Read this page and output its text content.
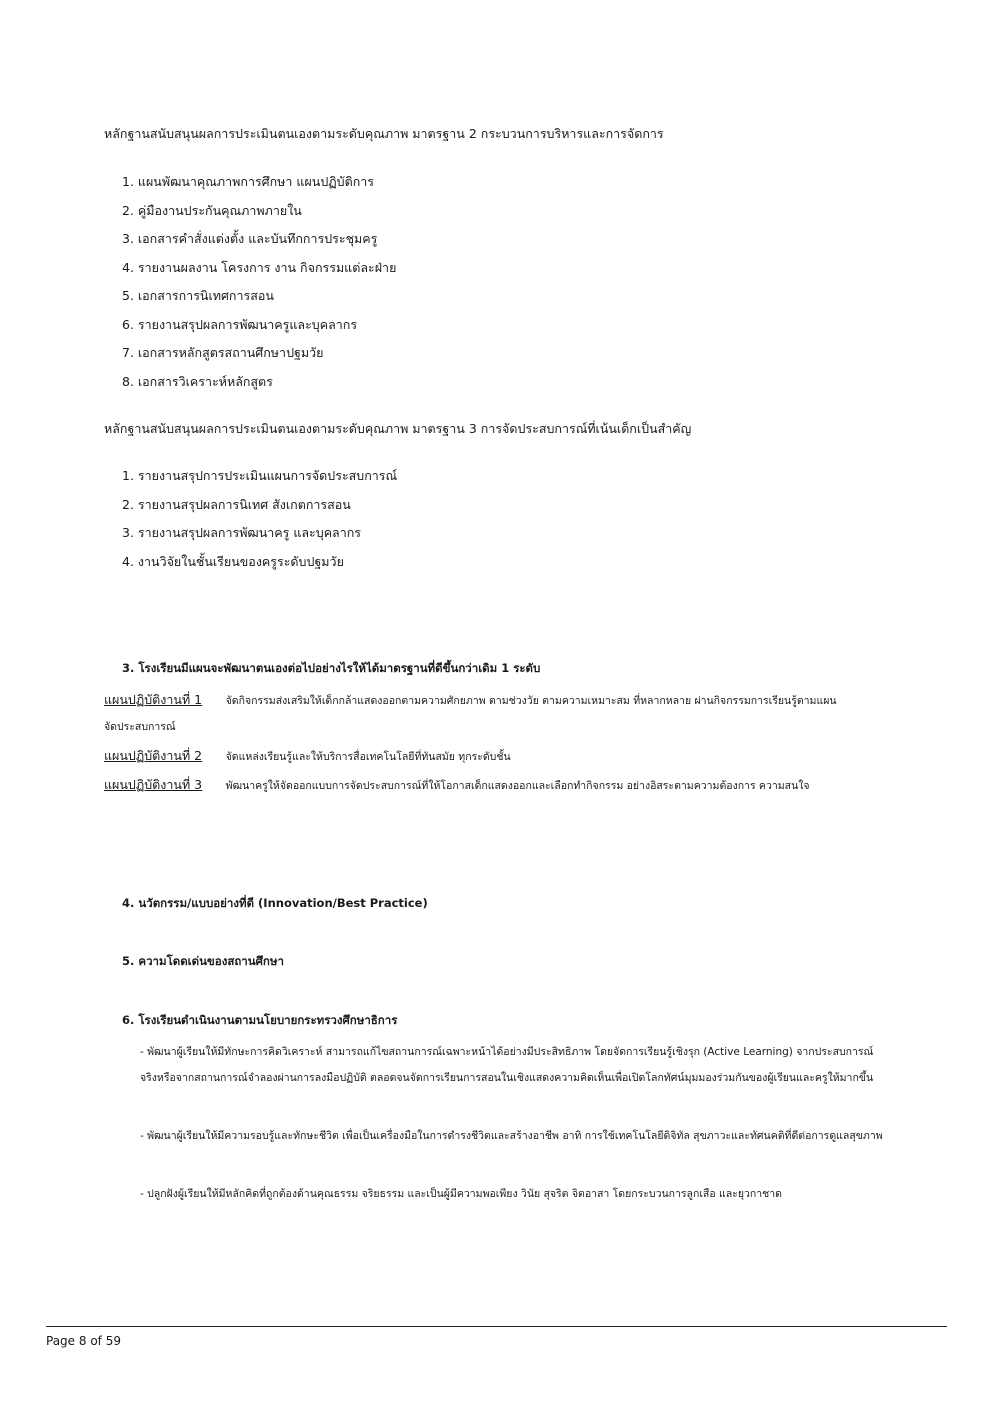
หลักฐานสนับสนุนผลการประเมินตนเองตามระดับคุณภาพ มาตรฐาน 2 กระบวนการบริหารและการจัดการ
1. แผนพัฒนาคุณภาพการศึกษา แผนปฏิบัติการ
2. คู่มืองานประกันคุณภาพภายใน
3. เอกสารคำสั่งแต่งตั้ง และบันทึกการประชุมครู
4. รายงานผลงาน โครงการ งาน กิจกรรมแต่ละฝ่าย
5. เอกสารการนิเทศการสอน
6. รายงานสรุปผลการพัฒนาครูและบุคลากร
7. เอกสารหลักสูตรสถานศึกษาปฐมวัย
8. เอกสารวิเคราะห์หลักสูตร
หลักฐานสนับสนุนผลการประเมินตนเองตามระดับคุณภาพ มาตรฐาน 3 การจัดประสบการณ์ที่เน้นเด็กเป็นสำคัญ
1. รายงานสรุปการประเมินแผนการจัดประสบการณ์
2. รายงานสรุปผลการนิเทศ สังเกตการสอน
3. รายงานสรุปผลการพัฒนาครู และบุคลากร
4. งานวิจัยในชั้นเรียนของครูระดับปฐมวัย
3. โรงเรียนมีแผนจะพัฒนาตนเองต่อไปอย่างไรให้ได้มาตรฐานที่ดีขึ้นกว่าเดิม 1 ระดับ
แผนปฏิบัติงานที่ 1 จัดกิจกรรมส่งเสริมให้เด็กกล้าแสดงออกตามความศักยภาพ ตามช่วงวัย ตามความเหมาะสม ที่หลากหลาย ผ่านกิจกรรมการเรียนรู้ตามแผน
จัดประสบการณ์
แผนปฏิบัติงานที่ 2 จัดแหล่งเรียนรู้และให้บริการสื่อเทคโนโลยีที่ทันสมัย ทุกระดับชั้น
แผนปฏิบัติงานที่ 3 พัฒนาครูให้จัดออกแบบการจัดประสบการณ์ที่ให้โอกาสเด็กแสดงออกและเลือกทำกิจกรรม อย่างอิสระตามความต้องการ ความสนใจ
4. นวัตกรรม/แบบอย่างที่ดี (Innovation/Best Practice)
5. ความโดดเด่นของสถานศึกษา
6. โรงเรียนดำเนินงานตามนโยบายกระทรวงศึกษาธิการ
- พัฒนาผู้เรียนให้มีทักษะการคิดวิเคราะห์ สามารถแก้ไขสถานการณ์เฉพาะหน้าได้อย่างมีประสิทธิภาพ โดยจัดการเรียนรู้เชิงรุก (Active Learning) จากประสบการณ์จริงหรือจากสถานการณ์จำลองผ่านการลงมือปฏิบัติ ตลอดจนจัดการเรียนการสอนในเชิงแสดงความคิดเห็นเพื่อเปิดโลกทัศน์มุมมองร่วมกันของผู้เรียนและครูให้มากขึ้น
- พัฒนาผู้เรียนให้มีความรอบรู้และทักษะชีวิต เพื่อเป็นเครื่องมือในการดำรงชีวิตและสร้างอาชีพ อาทิ การใช้เทคโนโลยีดิจิทัล สุขภาวะและทัศนคติที่ดีต่อการดูแลสุขภาพ
- ปลูกฝังผู้เรียนให้มีหลักคิดที่ถูกต้องด้านคุณธรรม จริยธรรม และเป็นผู้มีความพอเพียง วินัย สุจริต จิตอาสา โดยกระบวนการลูกเสือ และยุวกาชาด
Page 8 of 59
